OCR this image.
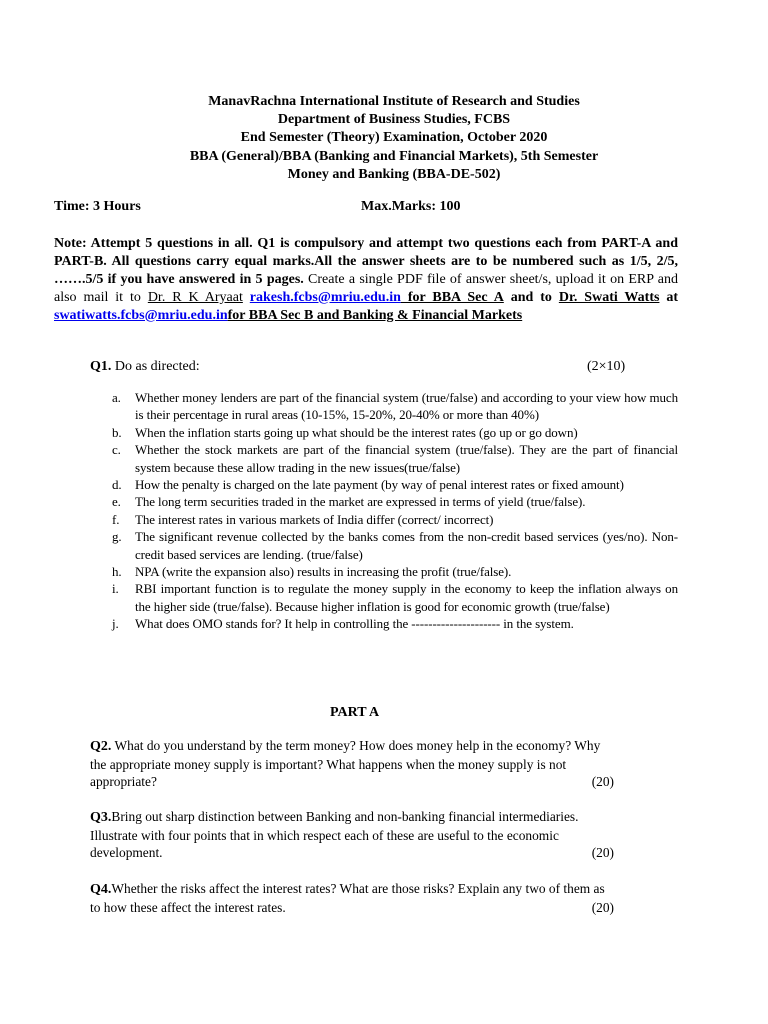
ManavRachna International Institute of Research and Studies
Department of Business Studies, FCBS
End Semester (Theory) Examination, October 2020
BBA (General)/BBA (Banking and Financial Markets), 5th Semester
Money and Banking (BBA-DE-502)
Time: 3 Hours	Max.Marks: 100
Note: Attempt 5 questions in all. Q1 is compulsory and attempt two questions each from PART-A and PART-B. All questions carry equal marks.All the answer sheets are to be numbered such as 1/5, 2/5, …….5/5 if you have answered in 5 pages. Create a single PDF file of answer sheet/s, upload it on ERP and also mail it to Dr. R K Aryaat rakesh.fcbs@mriu.edu.in for BBA Sec A and to Dr. Swati Watts at swatiwatts.fcbs@mriu.edu.infor BBA Sec B and Banking & Financial Markets
Q1. Do as directed:	(2×10)
a. Whether money lenders are part of the financial system (true/false) and according to your view how much is their percentage in rural areas (10-15%, 15-20%, 20-40% or more than 40%)
b. When the inflation starts going up what should be the interest rates (go up or go down)
c. Whether the stock markets are part of the financial system (true/false). They are the part of financial system because these allow trading in the new issues(true/false)
d. How the penalty is charged on the late payment (by way of penal interest rates or fixed amount)
e. The long term securities traded in the market are expressed in terms of yield (true/false).
f. The interest rates in various markets of India differ (correct/ incorrect)
g. The significant revenue collected by the banks comes from the non-credit based services (yes/no). Non-credit based services are lending. (true/false)
h. NPA (write the expansion also) results in increasing the profit (true/false).
i. RBI important function is to regulate the money supply in the economy to keep the inflation always on the higher side (true/false). Because higher inflation is good for economic growth (true/false)
j. What does OMO stands for? It help in controlling the --------------------- in the system.
PART A
Q2. What do you understand by the term money? How does money help in the economy? Why
the appropriate money supply is important? What happens when the money supply is not
appropriate?	(20)
Q3.Bring out sharp distinction between Banking and non-banking financial intermediaries.
Illustrate with four points that in which respect each of these are useful to the economic
development.	(20)
Q4.Whether the risks affect the interest rates? What are those risks? Explain any two of them as
to how these affect the interest rates.	(20)
